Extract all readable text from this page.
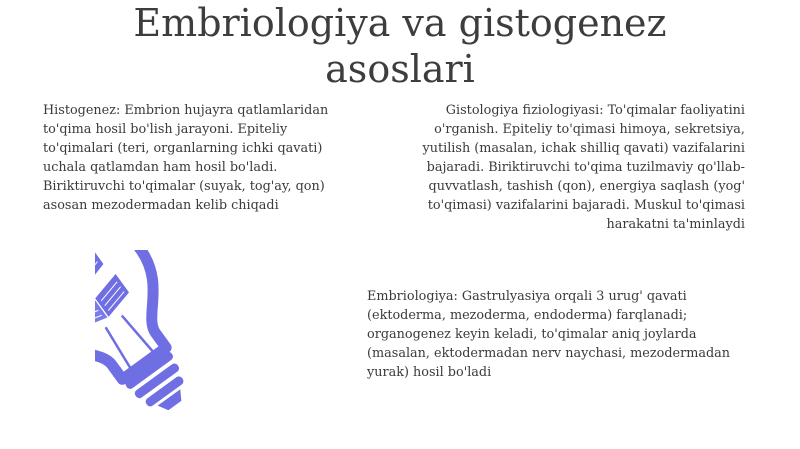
Embriologiya va gistogenez asoslari

Histogenez: Embrion hujayra qatlamlaridan to'qima hosil bo'lish jarayoni. Epiteliy to'qimalari (teri, organlarning ichki qavati) uchala qatlamdan ham hosil bo'ladi. Biriktiruvchi to'qimalar (suyak, tog'ay, qon) asosan mezodermadan kelib chiqadi

Gistologiya fiziologiyasi: To'qimalar faoliyatini o'rganish. Epiteliy to'qimasi himoya, sekretsiya, yutilish (masalan, ichak shilliq qavati) vazifalarini bajaradi. Biriktiruvchi to'qima tuzilmaviy qo'llab-quvvatlash, tashish (qon), energiya saqlash (yog' to'qimasi) vazifalarini bajaradi. Muskul to'qimasi harakatni ta'minlaydi

Embriologiya: Gastrulyasiya orqali 3 urug' qavati (ektoderma, mezoderma, endoderma) farqlanadi; organogenez keyin keladi, to'qimalar aniq joylarda (masalan, ektodermadan nerv naychasi, mezodermadan yurak) hosil bo'ladi
